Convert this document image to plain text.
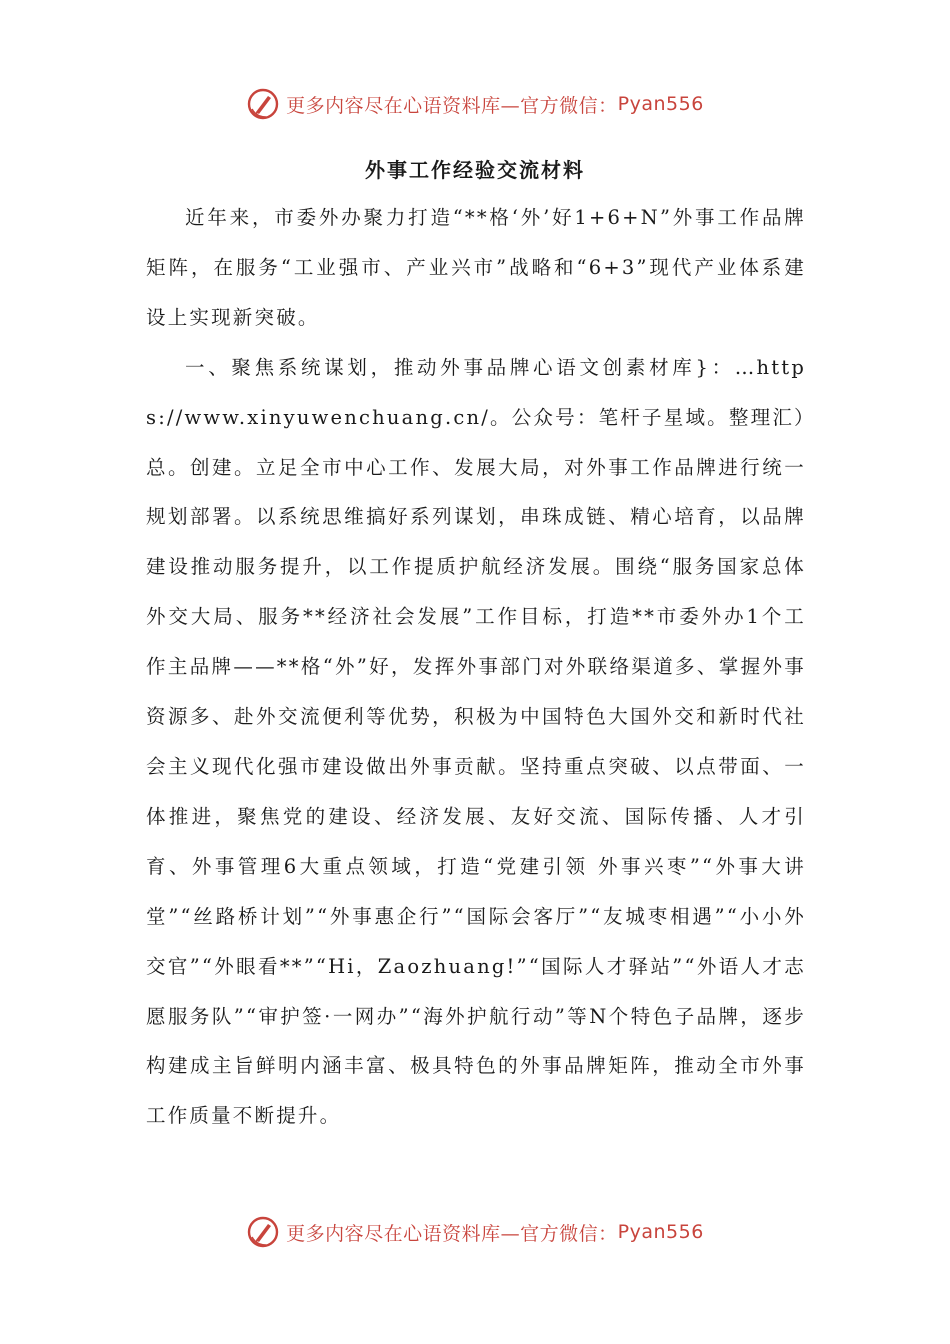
更多内容尽在心语资料库—官方微信： Pyan556
外事工作经验交流材料

近年来，市委外办聚力打造“**格‘外’好1+6+N”外事工作品牌矩阵，在服务“工业强市、产业兴市”战略和“6+3”现代产业体系建设上实现新突破。

一、聚焦系统谋划，推动外事品牌心语文创素材库}：…https://www.xinyuwenchuang.cn/。公众号：笔杆子星域。整理汇）总。创建。立足全市中心工作、发展大局，对外事工作品牌进行统一规划部署。以系统思维搞好系列谋划，串珠成链、精心培育，以品牌建设推动服务提升，以工作提质护航经济发展。围绕“服务国家总体外交大局、服务**经济社会发展”工作目标，打造**市委外办1个工作主品牌——**格“外”好，发挥外事部门对外联络渠道多、掌握外事资源多、赴外交流便利等优势，积极为中国特色大国外交和新时代社会主义现代化强市建设做出外事贡献。坚持重点突破、以点带面、一体推进，聚焦党的建设、经济发展、友好交流、国际传播、人才引育、外事管理6大重点领域，打造“党建引领 外事兴枣”“外事大讲堂”“丝路桥计划”“外事惠企行”“国际会客厅”“友城枣相遇”“小小外交官”“外眼看**”“Hi，Zaozhuang!”“国际人才驿站”“外语人才志愿服务队”“审护签·一网办”“海外护航行动”等N个特色子品牌，逐步构建成主旨鲜明内涵丰富、极具特色的外事品牌矩阵，推动全市外事工作质量不断提升。

更多内容尽在心语资料库—官方微信： Pyan556
